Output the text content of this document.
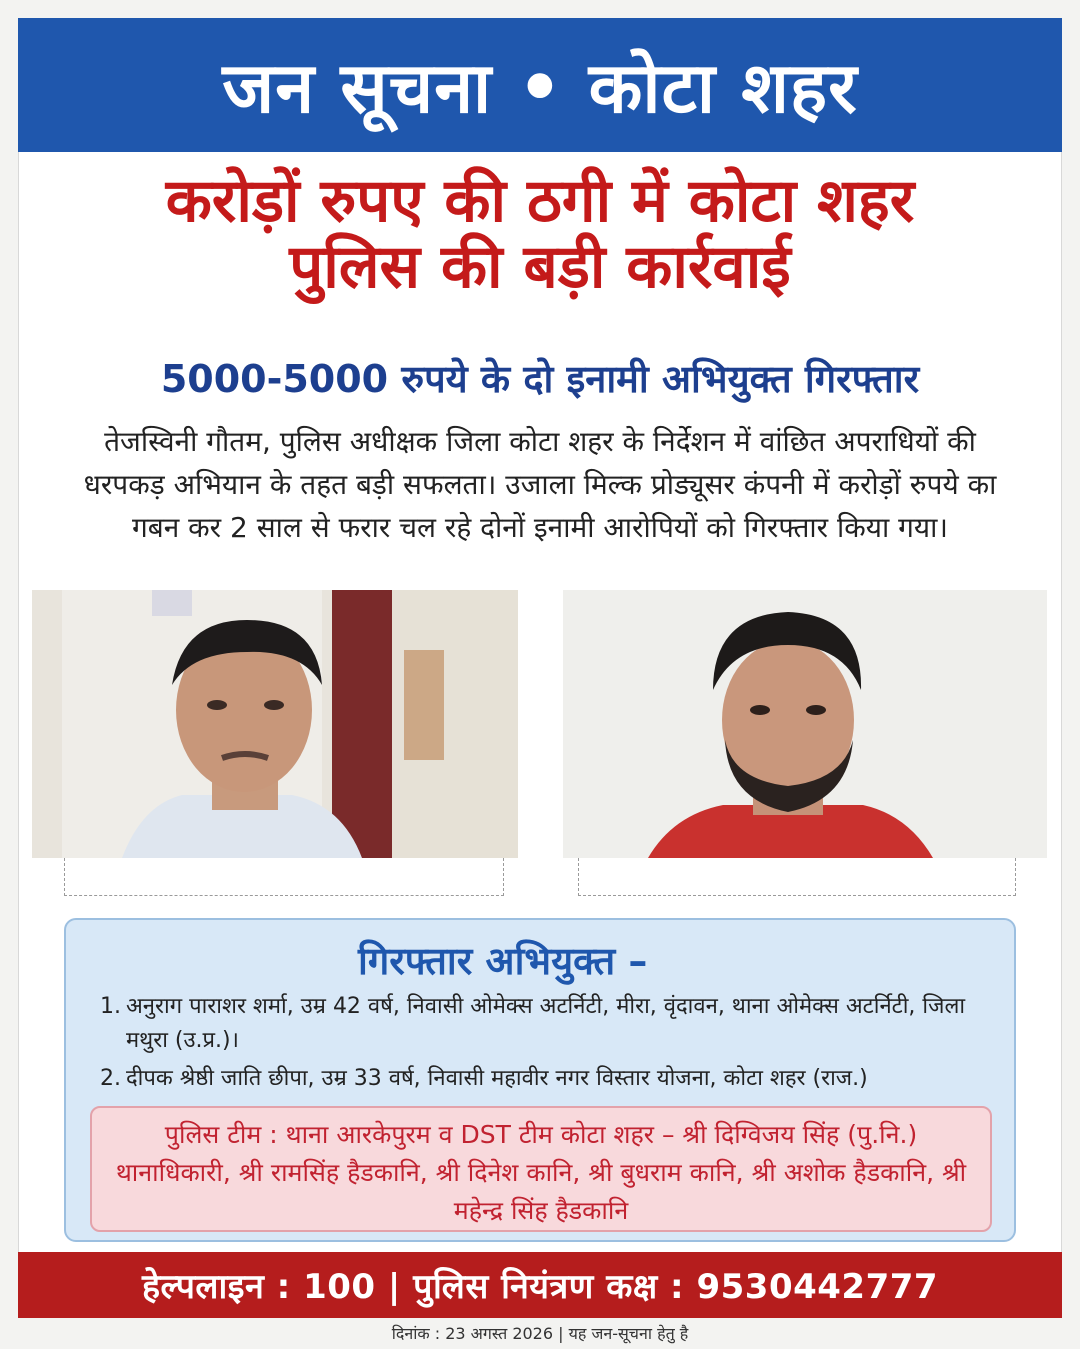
जन सूचना • कोटा शहर
करोड़ों रुपए की ठगी में कोटा शहर
पुलिस की बड़ी कार्रवाई
5000-5000 रुपये के दो इनामी अभियुक्त गिरफ्तार
तेजस्विनी गौतम, पुलिस अधीक्षक जिला कोटा शहर के निर्देशन में वांछित अपराधियों की धरपकड़ अभियान के तहत बड़ी सफलता। उजाला मिल्क प्रोड्यूसर कंपनी में करोड़ों रुपये का गबन कर 2 साल से फरार चल रहे दोनों इनामी आरोपियों को गिरफ्तार किया गया।
गिरफ्तार अभियुक्त –
1. अनुराग पाराशर शर्मा, उम्र 42 वर्ष, निवासी ओमेक्स अटर्निटी, मीरा, वृंदावन, थाना ओमेक्स अटर्निटी, जिला मथुरा (उ.प्र.)।
2. दीपक श्रेष्ठी जाति छीपा, उम्र 33 वर्ष, निवासी महावीर नगर विस्तार योजना, कोटा शहर (राज.)
पुलिस टीम : थाना आरकेपुरम व DST टीम कोटा शहर – श्री दिग्विजय सिंह (पु.नि.) थानाधिकारी, श्री रामसिंह हैडकानि, श्री दिनेश कानि, श्री बुधराम कानि, श्री अशोक हैडकानि, श्री महेन्द्र सिंह हैडकानि
हेल्पलाइन : 100 | पुलिस नियंत्रण कक्ष : 9530442777
दिनांक : 23 अगस्त 2026 | यह जन-सूचना हेतु है
